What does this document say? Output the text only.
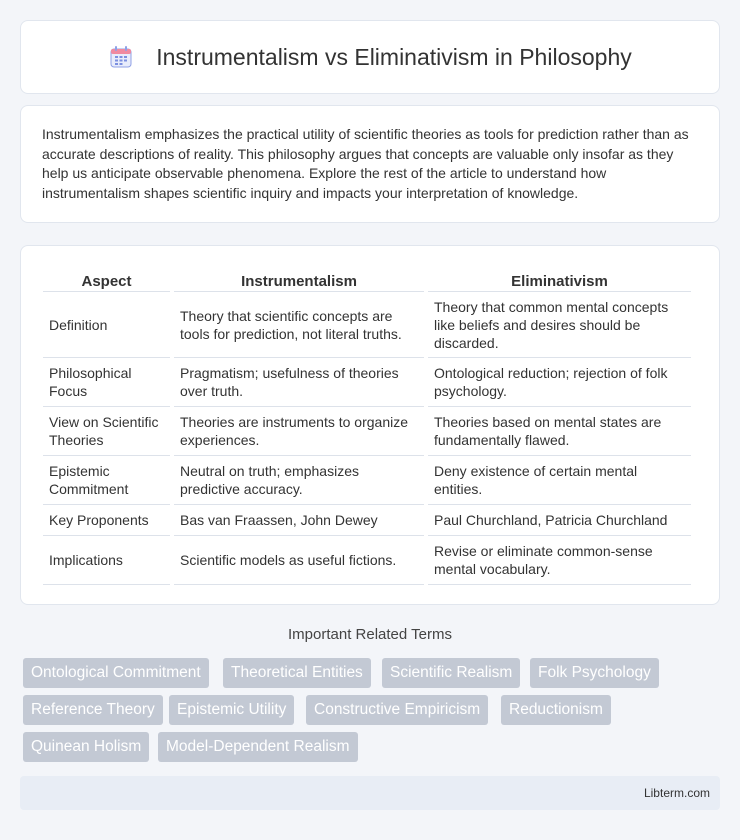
Instrumentalism vs Eliminativism in Philosophy

Instrumentalism emphasizes the practical utility of scientific theories as tools for prediction rather than as accurate descriptions of reality. This philosophy argues that concepts are valuable only insofar as they help us anticipate observable phenomena. Explore the rest of the article to understand how instrumentalism shapes scientific inquiry and impacts your interpretation of knowledge.

Aspect	Instrumentalism	Eliminativism
Definition	Theory that scientific concepts are tools for prediction, not literal truths.	Theory that common mental concepts like beliefs and desires should be discarded.
Philosophical Focus	Pragmatism; usefulness of theories over truth.	Ontological reduction; rejection of folk psychology.
View on Scientific Theories	Theories are instruments to organize experiences.	Theories based on mental states are fundamentally flawed.
Epistemic Commitment	Neutral on truth; emphasizes predictive accuracy.	Deny existence of certain mental entities.
Key Proponents	Bas van Fraassen, John Dewey	Paul Churchland, Patricia Churchland
Implications	Scientific models as useful fictions.	Revise or eliminate common-sense mental vocabulary.
Important Related Terms
Ontological Commitment	Theoretical Entities	Scientific Realism	Folk Psychology
Reference Theory	Epistemic Utility	Constructive Empiricism	Reductionism
Quinean Holism	Model-Dependent Realism
Libterm.com
